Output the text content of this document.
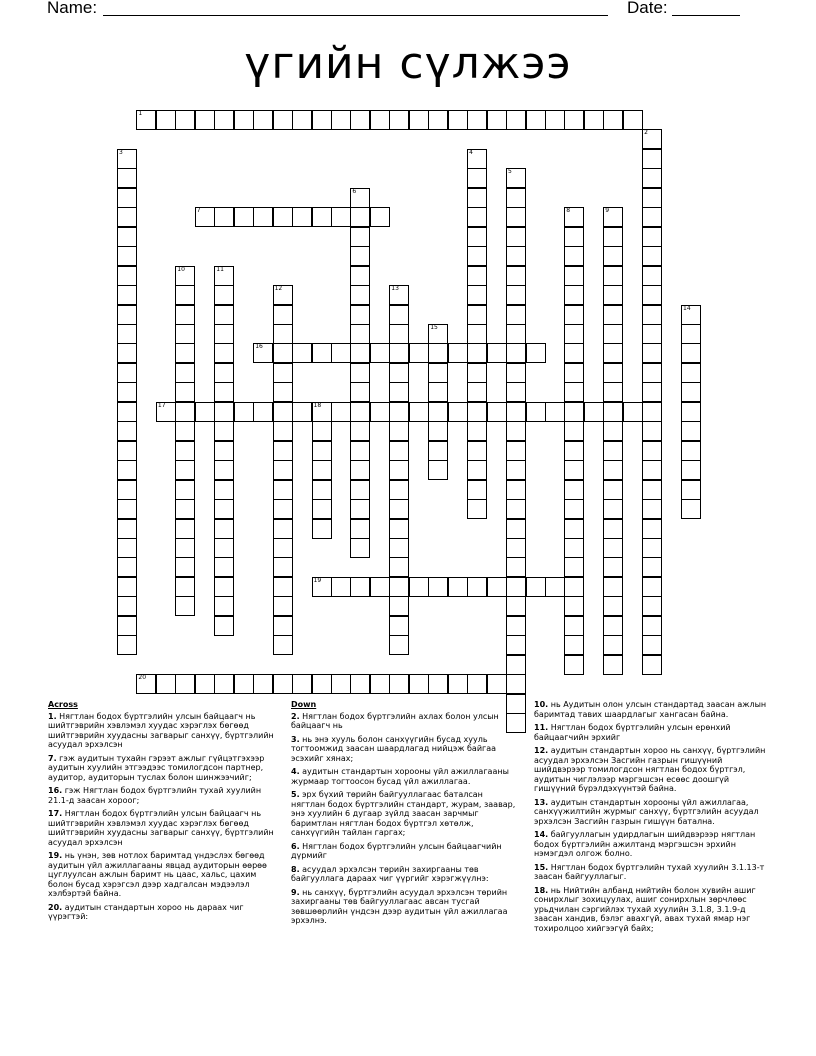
Name:	Date:
үгийн сүлжээ
1
2
3	4
5
6
7	8	9
10	11
12	13
14
15
16
17	18
19
20
Across
1. Нягтлан бодох бүртгэлийн улсын байцаагч нь шийтгэврийн хэвлэмэл хуудас хэрэглэх бөгөөд шийтгэврийн хуудасны загварыг санхүү, бүртгэлийн асуудал эрхэлсэн
7. гэж аудитын тухайн гэрээт ажлыг гүйцэтгэхээр аудитын хуулийн этгээдээс томилогдсон партнер, аудитор, аудиторын туслах болон шинжээчийг;
16. гэж Нягтлан бодох бүртгэлийн тухай хуулийн 21.1-д заасан хороог;
17. Нягтлан бодох бүртгэлийн улсын байцаагч нь шийтгэврийн хэвлэмэл хуудас хэрэглэх бөгөөд шийтгэврийн хуудасны загварыг санхүү, бүртгэлийн асуудал эрхэлсэн
19. нь үнэн, зөв нотлох баримтад үндэслэх бөгөөд аудитын үйл ажиллагааны явцад аудиторын өөрөө цуглуулсан ажлын баримт нь цаас, хальс, цахим болон бусад хэрэгсэл дээр хадгалсан мэдээлэл хэлбэртэй байна.
20. аудитын стандартын хороо нь дараах чиг үүрэгтэй:
Down
2. Нягтлан бодох бүртгэлийн ахлах болон улсын байцаагч нь
3. нь энэ хууль болон санхүүгийн бусад хууль тогтоомжид заасан шаардлагад нийцэж байгаа эсэхийг хянах;
4. аудитын стандартын хорооны үйл ажиллагааны журмаар тогтоосон бусад үйл ажиллагаа.
5. эрх бүхий төрийн байгууллагаас баталсан нягтлан бодох бүртгэлийн стандарт, журам, заавар, энэ хуулийн 6 дугаар зүйлд заасан зарчмыг баримтлан нягтлан бодох бүртгэл хөтөлж, санхүүгийн тайлан гаргах;
6. Нягтлан бодох бүртгэлийн улсын байцаагчийн дүрмийг
8. асуудал эрхэлсэн төрийн захиргааны төв байгууллага дараах чиг үүргийг хэрэгжүүлнэ:
9. нь санхүү, бүртгэлийн асуудал эрхэлсэн төрийн захиргааны төв байгууллагаас авсан тусгай зөвшөөрлийн үндсэн дээр аудитын үйл ажиллагаа эрхэлнэ.
10. нь Аудитын олон улсын стандартад заасан ажлын баримтад тавих шаардлагыг хангасан байна.
11. Нягтлан бодох бүртгэлийн улсын ерөнхий байцаагчийн эрхийг
12. аудитын стандартын хороо нь санхүү, бүртгэлийн асуудал эрхэлсэн Засгийн газрын гишүүний шийдвэрээр томилогдсон нягтлан бодох бүртгэл, аудитын чиглэлээр мэргэшсэн есөөс доошгүй гишүүний бүрэлдэхүүнтэй байна.
13. аудитын стандартын хорооны үйл ажиллагаа, санхүүжилтийн журмыг санхүү, бүртгэлийн асуудал эрхэлсэн Засгийн газрын гишүүн батална.
14. байгууллагын удирдлагын шийдвэрээр нягтлан бодох бүртгэлийн ажилтанд мэргэшсэн эрхийн нэмэгдэл олгож болно.
15. Нягтлан бодох бүртгэлийн тухай хуулийн 3.1.13-т заасан байгууллагыг.
18. нь Нийтийн албанд нийтийн болон хувийн ашиг сонирхлыг зохицуулах, ашиг сонирхлын зөрчлөөс урьдчилан сэргийлэх тухай хуулийн 3.1.8, 3.1.9-д заасан хандив, бэлэг авахгүй, авах тухай ямар нэг тохиролцоо хийгээгүй байх;
